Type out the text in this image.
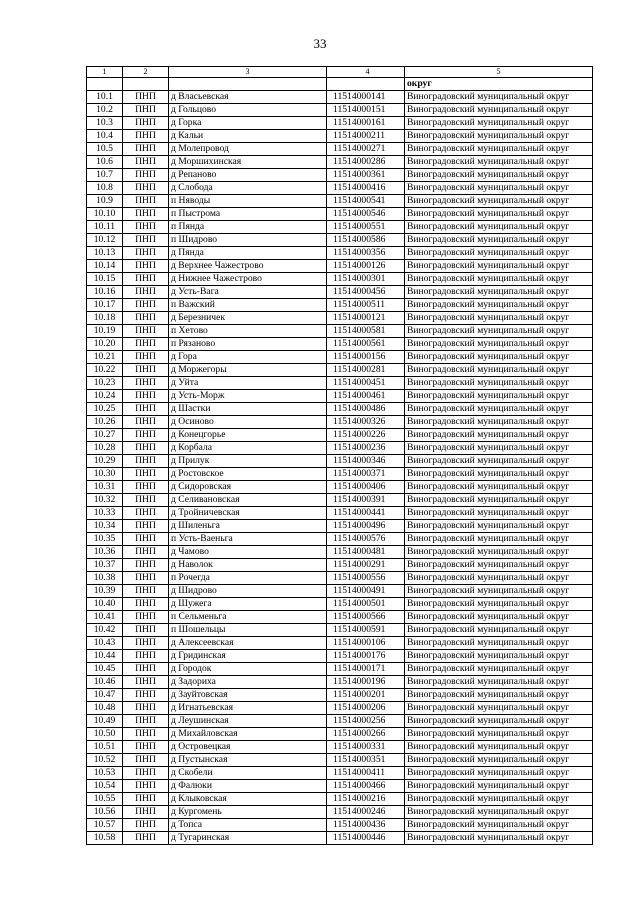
33
1	2	3	4	5
				округ
10.1	ПНП	д Власьевская	11514000141	Виноградовский муниципальный округ
10.2	ПНП	д Гольцово	11514000151	Виноградовский муниципальный округ
10.3	ПНП	д Горка	11514000161	Виноградовский муниципальный округ
10.4	ПНП	д Кальи	11514000211	Виноградовский муниципальный округ
10.5	ПНП	д Молепровод	11514000271	Виноградовский муниципальный округ
10.6	ПНП	д Моршихинская	11514000286	Виноградовский муниципальный округ
10.7	ПНП	д Репаново	11514000361	Виноградовский муниципальный округ
10.8	ПНП	д Слобода	11514000416	Виноградовский муниципальный округ
10.9	ПНП	п Няводы	11514000541	Виноградовский муниципальный округ
10.10	ПНП	п Пыстрома	11514000546	Виноградовский муниципальный округ
10.11	ПНП	п Пянда	11514000551	Виноградовский муниципальный округ
10.12	ПНП	п Шидрово	11514000586	Виноградовский муниципальный округ
10.13	ПНП	д Пянда	11514000356	Виноградовский муниципальный округ
10.14	ПНП	д Верхнее Чажестрово	11514000126	Виноградовский муниципальный округ
10.15	ПНП	д Нижнее Чажестрово	11514000301	Виноградовский муниципальный округ
10.16	ПНП	д Усть-Вага	11514000456	Виноградовский муниципальный округ
10.17	ПНП	п Важский	11514000511	Виноградовский муниципальный округ
10.18	ПНП	д Березничек	11514000121	Виноградовский муниципальный округ
10.19	ПНП	п Хетово	11514000581	Виноградовский муниципальный округ
10.20	ПНП	п Рязаново	11514000561	Виноградовский муниципальный округ
10.21	ПНП	д Гора	11514000156	Виноградовский муниципальный округ
10.22	ПНП	д Моржегоры	11514000281	Виноградовский муниципальный округ
10.23	ПНП	д Уйта	11514000451	Виноградовский муниципальный округ
10.24	ПНП	д Усть-Морж	11514000461	Виноградовский муниципальный округ
10.25	ПНП	д Шастки	11514000486	Виноградовский муниципальный округ
10.26	ПНП	д Осиново	11514000326	Виноградовский муниципальный округ
10.27	ПНП	д Конецгорье	11514000226	Виноградовский муниципальный округ
10.28	ПНП	д Корбала	11514000236	Виноградовский муниципальный округ
10.29	ПНП	д Прилук	11514000346	Виноградовский муниципальный округ
10.30	ПНП	д Ростовское	11514000371	Виноградовский муниципальный округ
10.31	ПНП	д Сидоровская	11514000406	Виноградовский муниципальный округ
10.32	ПНП	д Селивановская	11514000391	Виноградовский муниципальный округ
10.33	ПНП	д Тройничевская	11514000441	Виноградовский муниципальный округ
10.34	ПНП	д Шиленьга	11514000496	Виноградовский муниципальный округ
10.35	ПНП	п Усть-Ваеньга	11514000576	Виноградовский муниципальный округ
10.36	ПНП	д Чамово	11514000481	Виноградовский муниципальный округ
10.37	ПНП	д Наволок	11514000291	Виноградовский муниципальный округ
10.38	ПНП	п Рочегда	11514000556	Виноградовский муниципальный округ
10.39	ПНП	д Шидрово	11514000491	Виноградовский муниципальный округ
10.40	ПНП	д Шужега	11514000501	Виноградовский муниципальный округ
10.41	ПНП	п Сельменьга	11514000566	Виноградовский муниципальный округ
10.42	ПНП	п Шошельцы	11514000591	Виноградовский муниципальный округ
10.43	ПНП	д Алексеевская	11514000106	Виноградовский муниципальный округ
10.44	ПНП	д Гридинская	11514000176	Виноградовский муниципальный округ
10.45	ПНП	д Городок	11514000171	Виноградовский муниципальный округ
10.46	ПНП	д Задориха	11514000196	Виноградовский муниципальный округ
10.47	ПНП	д Зауйтовская	11514000201	Виноградовский муниципальный округ
10.48	ПНП	д Игнатьевская	11514000206	Виноградовский муниципальный округ
10.49	ПНП	д Леушинская	11514000256	Виноградовский муниципальный округ
10.50	ПНП	д Михайловская	11514000266	Виноградовский муниципальный округ
10.51	ПНП	д Островецкая	11514000331	Виноградовский муниципальный округ
10.52	ПНП	д Пустынская	11514000351	Виноградовский муниципальный округ
10.53	ПНП	д Скобели	11514000411	Виноградовский муниципальный округ
10.54	ПНП	д Фалюки	11514000466	Виноградовский муниципальный округ
10.55	ПНП	д Клыковская	11514000216	Виноградовский муниципальный округ
10.56	ПНП	д Кургомень	11514000246	Виноградовский муниципальный округ
10.57	ПНП	д Топса	11514000436	Виноградовский муниципальный округ
10.58	ПНП	д Тугаринская	11514000446	Виноградовский муниципальный округ
